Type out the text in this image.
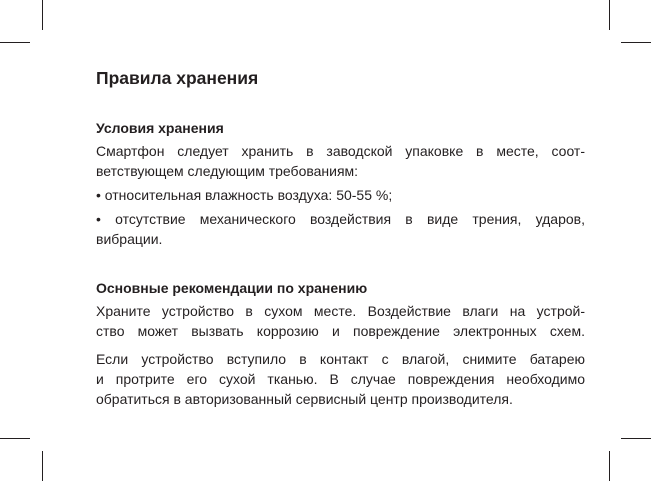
Правила хранения
Условия хранения
Смартфон следует хранить в заводской упаковке в месте, соот-
ветствующем следующим требованиям:
• относительная влажность воздуха: 50-55 %;
• отсутствие механического воздействия в виде трения, ударов,
вибрации.
Основные рекомендации по хранению
Храните устройство в сухом месте. Воздействие влаги на устрой-
ство может вызвать коррозию и повреждение электронных схем.
Если устройство вступило в контакт с влагой, снимите батарею
и протрите его сухой тканью. В случае повреждения необходимо
обратиться в авторизованный сервисный центр производителя.
